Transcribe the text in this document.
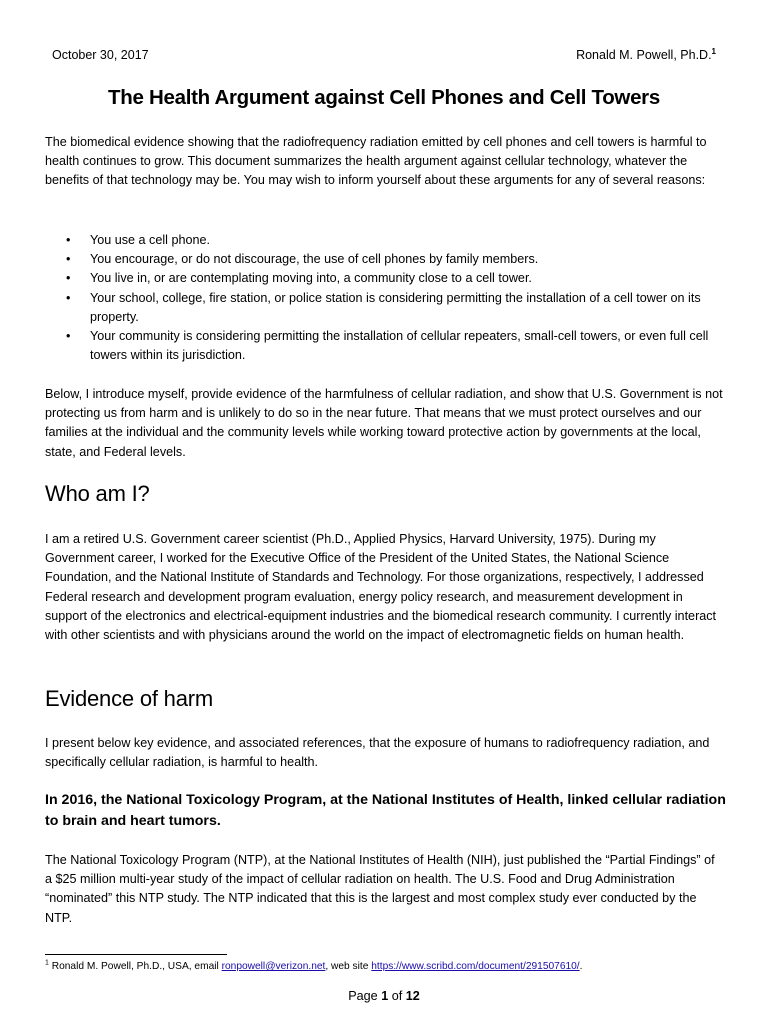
October 30, 2017	Ronald M. Powell, Ph.D.$^1$
The Health Argument against Cell Phones and Cell Towers

The biomedical evidence showing that the radiofrequency radiation emitted by cell phones and cell towers is harmful to health continues to grow. This document summarizes the health argument against cellular technology, whatever the benefits of that technology may be. You may wish to inform yourself about these arguments for any of several reasons:

• You use a cell phone.
• You encourage, or do not discourage, the use of cell phones by family members.
• You live in, or are contemplating moving into, a community close to a cell tower.
• Your school, college, fire station, or police station is considering permitting the installation of a cell tower on its property.
• Your community is considering permitting the installation of cellular repeaters, small-cell towers, or even full cell towers within its jurisdiction.

Below, I introduce myself, provide evidence of the harmfulness of cellular radiation, and show that U.S. Government is not protecting us from harm and is unlikely to do so in the near future. That means that we must protect ourselves and our families at the individual and the community levels while working toward protective action by governments at the local, state, and Federal levels.

Who am I?

I am a retired U.S. Government career scientist (Ph.D., Applied Physics, Harvard University, 1975). During my Government career, I worked for the Executive Office of the President of the United States, the National Science Foundation, and the National Institute of Standards and Technology. For those organizations, respectively, I addressed Federal research and development program evaluation, energy policy research, and measurement development in support of the electronics and electrical-equipment industries and the biomedical research community. I currently interact with other scientists and with physicians around the world on the impact of electromagnetic fields on human health.

Evidence of harm

I present below key evidence, and associated references, that the exposure of humans to radiofrequency radiation, and specifically cellular radiation, is harmful to health.

In 2016, the National Toxicology Program, at the National Institutes of Health, linked cellular radiation to brain and heart tumors.

The National Toxicology Program (NTP), at the National Institutes of Health (NIH), just published the “Partial Findings” of a $25 million multi-year study of the impact of cellular radiation on health. The U.S. Food and Drug Administration “nominated” this NTP study. The NTP indicated that this is the largest and most complex study ever conducted by the NTP.

$^1$ Ronald M. Powell, Ph.D., USA, email ronpowell@verizon.net, web site https://www.scribd.com/document/291507610/.
Page 1 of 12
